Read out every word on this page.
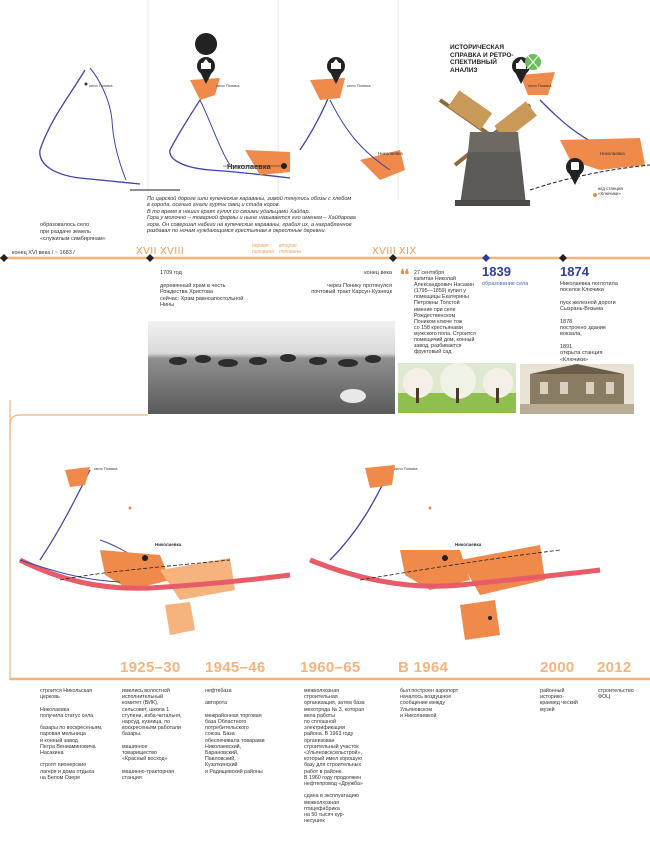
ИСТОРИЧЕСКАЯ
СПРАВКА И РЕТРО-
СПЕКТИВНЫЙ
АНАЛИЗ
село Поника	село Поника	село Поника	село Поника
Николаевка
Николаевка	Николаевка
ж/д станция «Ключики»
образовалось село
при раздаче земель
«служилым симбирянам»
По царской дороге шли купеческие караваны, зимой тянулись обозы с хлебом
в города, осенью гнали гурты овец и стада коров.
В то время в наших краях гулял со своими удальцами Хайдар.
Гора у молочно – товарной фермы и ныне называется его именем – Хайдарова
гора. Он совершал набеги на купеческие караваны, грабил их, а награбленное
раздавал по ночам нуждающимся крестьянам в окрестные деревни.
конец XVI века / ~ 1683 /	XVII XVIII	первая
половина
вторая
половина	XVIII XIX
1709 год

деревянный храм в честь
Рождества Христова
сейчас: Храм равноапостольной
Нины
конец века

через Понику протянулся
почтовый тракт Карсун-Кузнецк
❛❛ 27 сентября
капитан Николай
Александрович Насакин
(1795—1859) купил у
помещицы Екатерины
Петровны Толстой
имение при селе
Рождественском
Поником ключе тож
со 158 крестьянами
мужского пола. Строится
помещичий дом, конный
завод, разбивается
фруктовый сад
1839
образование села
1874
Николаевка поглотила
поселок Ключики

пуск железной дороги
Сызрань-Вязьма

1878
построено здание
вокзала,

1891
открыта станция
«Ключики»
село Поника
Николаевка
село Поника
Николаевка
1925–30 1945–46 1960–65	В 1964	2000 2012
строится Никольская
церковь

Николаевка
получила статус села

базары по воскресеньям,
паровая мельница
и конный завод
Петра Вениаминовича
Насакина

строят пионерские
лагеря и дома отдыха
на Белом Озере
имелись волостной
исполнительный
комитет (ВИК),
сельсовет, школа 1
ступени, изба-читальня,
нарсуд, кузница, по
воскресеньям работали
базары.

машинное
товарищество
«Красный восход»

машинно-тракторная
станция
нефтебаза

авторота

межрайонная торговая
база Областного
потребительского
союза. База
обеспечивала товарами
Николаевский,
Барановский,
Павловский,
Кузаткинский
и Радищевский районы
межколхозная
строительная
организация, затем база
мехотряда № 3, которая
вела работы
по сплошной
электрификации
района. В 1963 году
организован
строительный участок
«Ульяновсксельстрой»,
который имел хорошую
базу для строительных
работ в районе.
В 1960 году продолжен
нефтепровод «Дружба»

сдана в эксплуатацию
межколхозная
птицефабрика
на 50 тысяч кур-
несушек
был построен аэропорт
началось воздушное
сообщение между
Ульяновском
и Николаевкой
районный
историко-
краевед ческий
музей
строительство
ФОЦ
